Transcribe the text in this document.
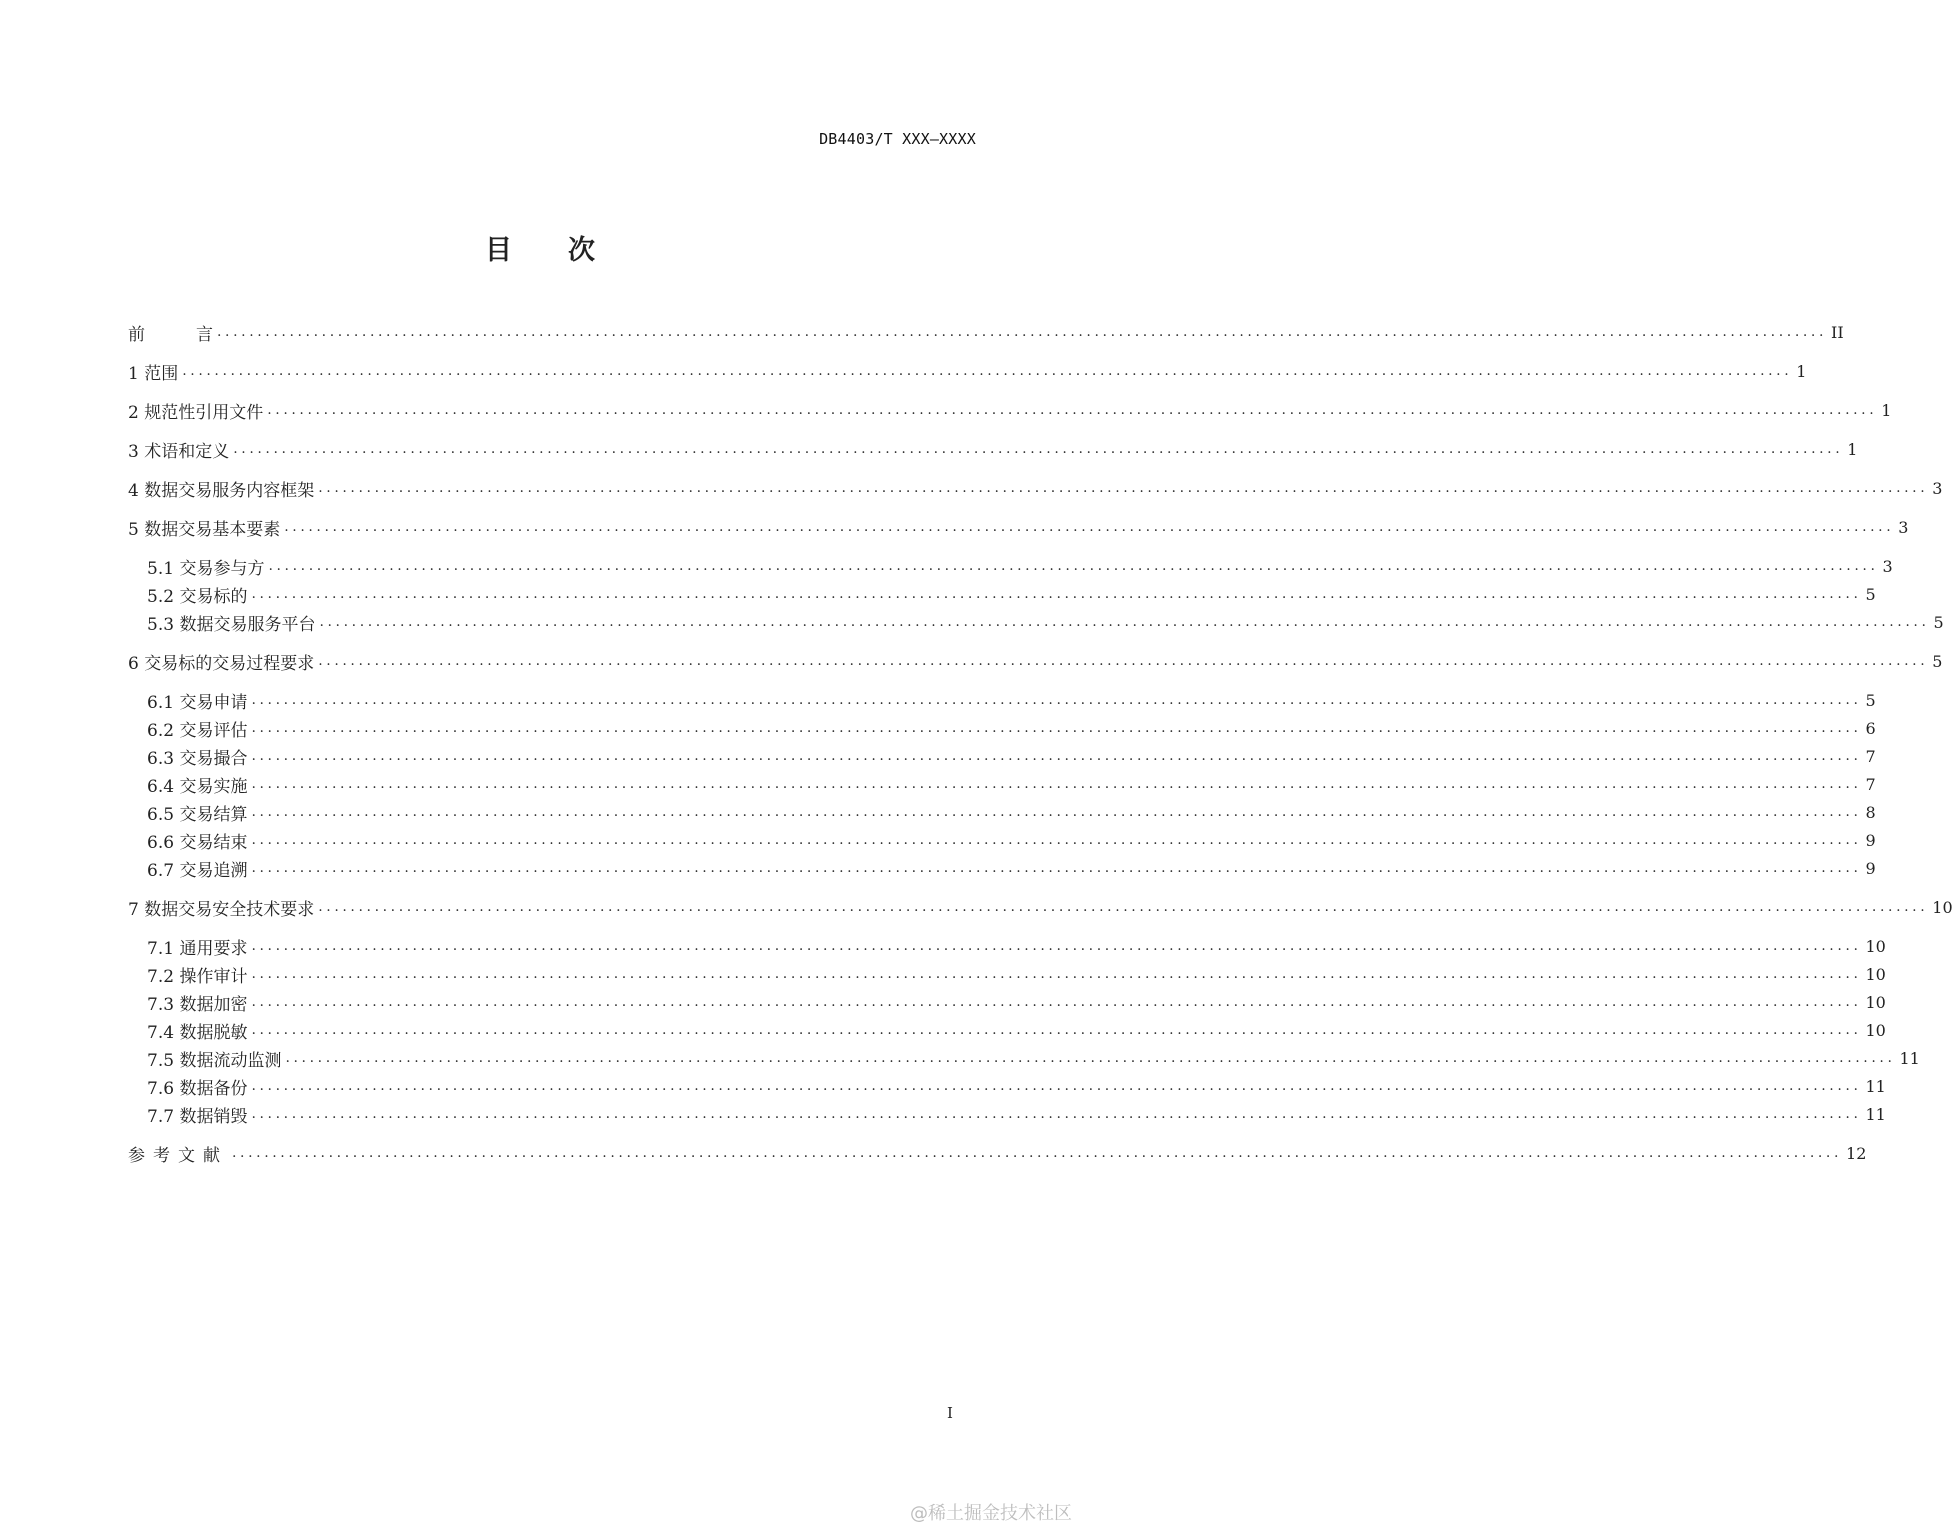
DB4403/T XXX—XXXX
目 次
前　　　言 ........................................................................................................................................................................................................ II
1 范围 ........................................................................................................................................................................................................ 1
2 规范性引用文件 ........................................................................................................................................................................................................ 1
3 术语和定义 ........................................................................................................................................................................................................ 1
4 数据交易服务内容框架 ........................................................................................................................................................................................................ 3
5 数据交易基本要素 ........................................................................................................................................................................................................ 3
5.1 交易参与方 ........................................................................................................................................................................................................ 3
5.2 交易标的 ........................................................................................................................................................................................................ 5
5.3 数据交易服务平台 ........................................................................................................................................................................................................ 5
6 交易标的交易过程要求 ........................................................................................................................................................................................................ 5
6.1 交易申请 ........................................................................................................................................................................................................ 5
6.2 交易评估 ........................................................................................................................................................................................................ 6
6.3 交易撮合 ........................................................................................................................................................................................................ 7
6.4 交易实施 ........................................................................................................................................................................................................ 7
6.5 交易结算 ........................................................................................................................................................................................................ 8
6.6 交易结束 ........................................................................................................................................................................................................ 9
6.7 交易追溯 ........................................................................................................................................................................................................ 9
7 数据交易安全技术要求 ........................................................................................................................................................................................................ 10
7.1 通用要求 ........................................................................................................................................................................................................ 10
7.2 操作审计 ........................................................................................................................................................................................................ 10
7.3 数据加密 ........................................................................................................................................................................................................ 10
7.4 数据脱敏 ........................................................................................................................................................................................................ 10
7.5 数据流动监测 ........................................................................................................................................................................................................ 11
7.6 数据备份 ........................................................................................................................................................................................................ 11
7.7 数据销毁 ........................................................................................................................................................................................................ 11
参考文献 ........................................................................................................................................................................................................ 12
I
@稀土掘金技术社区
